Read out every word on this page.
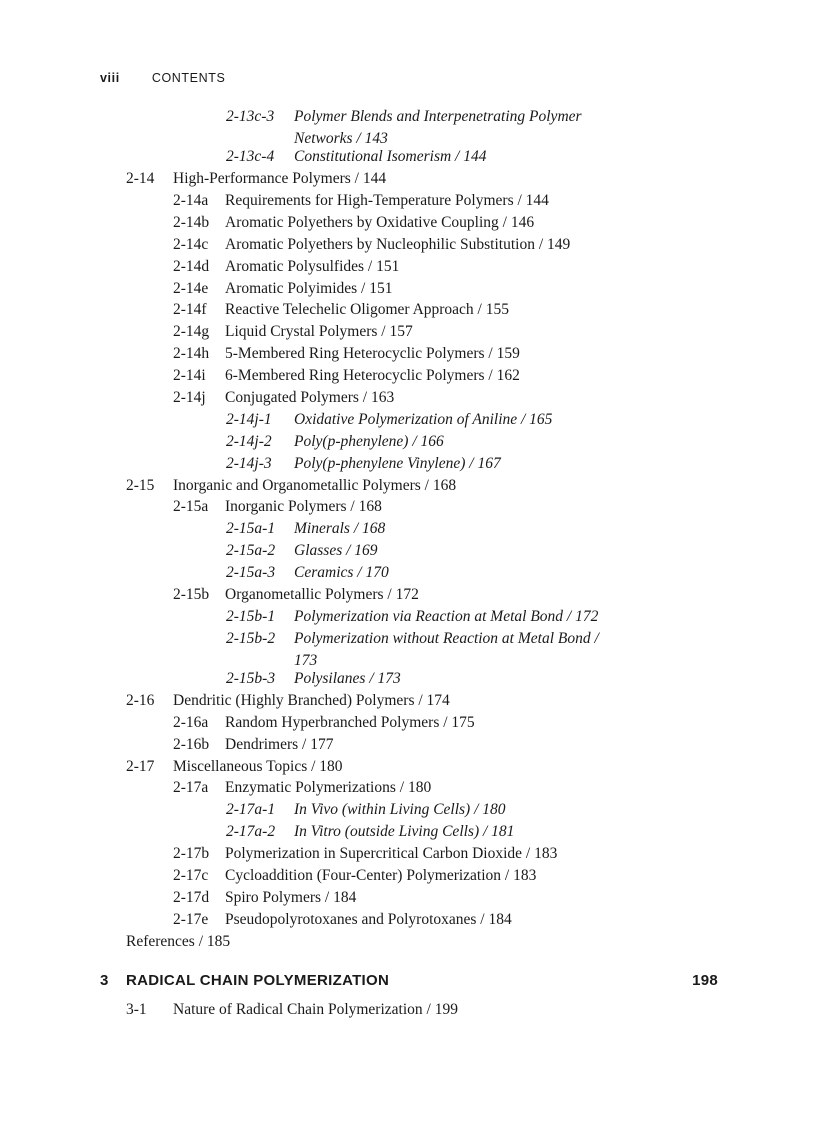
viii	CONTENTS
2-13c-3 Polymer Blends and Interpenetrating Polymer Networks / 143
2-13c-4 Constitutional Isomerism / 144
2-14 High-Performance Polymers / 144
2-14a Requirements for High-Temperature Polymers / 144
2-14b Aromatic Polyethers by Oxidative Coupling / 146
2-14c Aromatic Polyethers by Nucleophilic Substitution / 149
2-14d Aromatic Polysulfides / 151
2-14e Aromatic Polyimides / 151
2-14f Reactive Telechelic Oligomer Approach / 155
2-14g Liquid Crystal Polymers / 157
2-14h 5-Membered Ring Heterocyclic Polymers / 159
2-14i 6-Membered Ring Heterocyclic Polymers / 162
2-14j Conjugated Polymers / 163
2-14j-1 Oxidative Polymerization of Aniline / 165
2-14j-2 Poly(p-phenylene) / 166
2-14j-3 Poly(p-phenylene Vinylene) / 167
2-15 Inorganic and Organometallic Polymers / 168
2-15a Inorganic Polymers / 168
2-15a-1 Minerals / 168
2-15a-2 Glasses / 169
2-15a-3 Ceramics / 170
2-15b Organometallic Polymers / 172
2-15b-1 Polymerization via Reaction at Metal Bond / 172
2-15b-2 Polymerization without Reaction at Metal Bond / 173
2-15b-3 Polysilanes / 173
2-16 Dendritic (Highly Branched) Polymers / 174
2-16a Random Hyperbranched Polymers / 175
2-16b Dendrimers / 177
2-17 Miscellaneous Topics / 180
2-17a Enzymatic Polymerizations / 180
2-17a-1 In Vivo (within Living Cells) / 180
2-17a-2 In Vitro (outside Living Cells) / 181
2-17b Polymerization in Supercritical Carbon Dioxide / 183
2-17c Cycloaddition (Four-Center) Polymerization / 183
2-17d Spiro Polymers / 184
2-17e Pseudopolyrotoxanes and Polyrotoxanes / 184
References / 185
3 RADICAL CHAIN POLYMERIZATION	198
3-1 Nature of Radical Chain Polymerization / 199
